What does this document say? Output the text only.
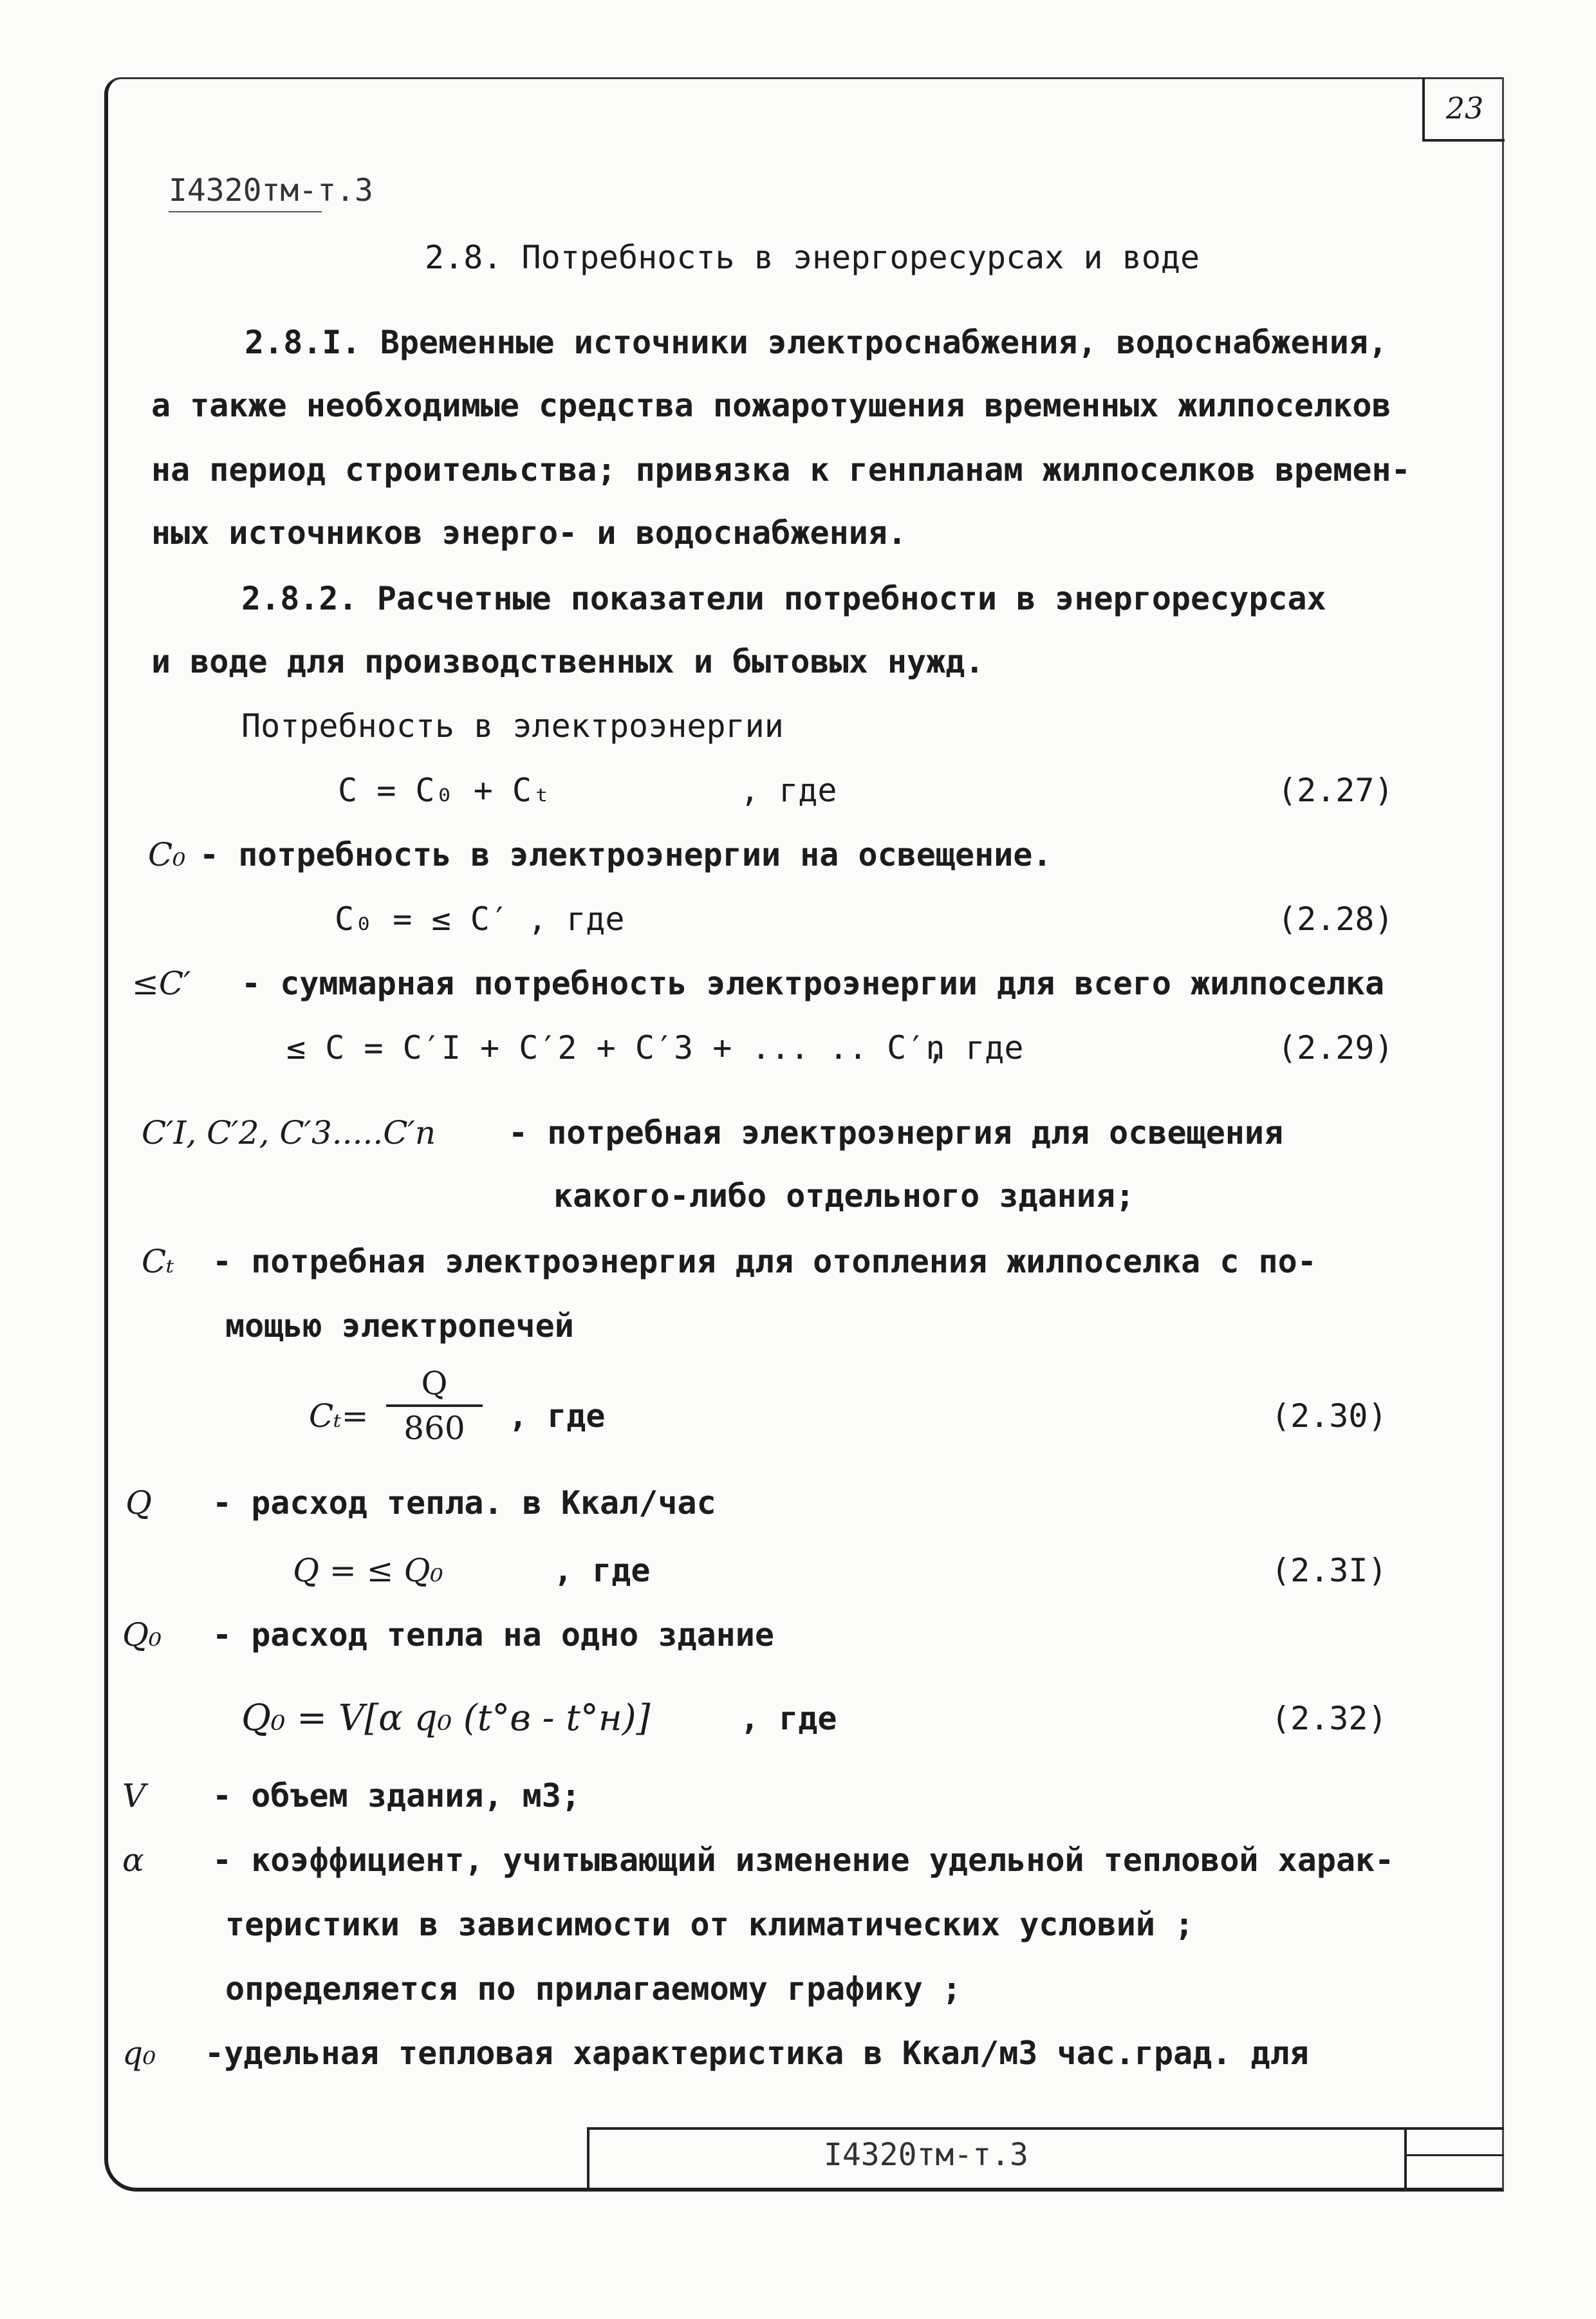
23
I4320тм-т.3
2.8. Потребность в энергоресурсах и воде
2.8.I. Временные источники электроснабжения, водоснабжения,
а также необходимые средства пожаротушения временных жилпоселков
на период строительства; привязка к генпланам жилпоселков времен-
ных источников энерго- и водоснабжения.
2.8.2. Расчетные показатели потребности в энергоресурсах
и воде для производственных и бытовых нужд.
Потребность в электроэнергии
C = C₀ + Cₜ	, где	(2.27)
C₀ - потребность в электроэнергии на освещение.
C₀ = ≤ C′ , где	(2.28)
≤C′ - суммарная потребность электроэнергии для всего жилпоселка
≤ C = C′I + C′2 + C′3 + ... .. C′n
, где	(2.29)
C′I, C′2, C′3.....C′n - потребная электроэнергия для освещения
какого-либо отдельного здания;
Cₜ - потребная электроэнергия для отопления жилпоселка с по-
мощью электропечей
Cₜ=
Q
860	, где	(2.30)
Q - расход тепла. в Ккал/час
Q = ≤ Q₀	, где	(2.3I)
Q₀ - расход тепла на одно здание
Q₀ = V[α q₀ (t°в - t°н)]	, где	(2.32)
V - объем здания, м3;
α - коэффициент, учитывающий изменение удельной тепловой харак-
теристики в зависимости от климатических условий ;
определяется по прилагаемому графику ;
q₀ -удельная тепловая характеристика в Ккал/м3 час.град. для
I4320тм-т.3
